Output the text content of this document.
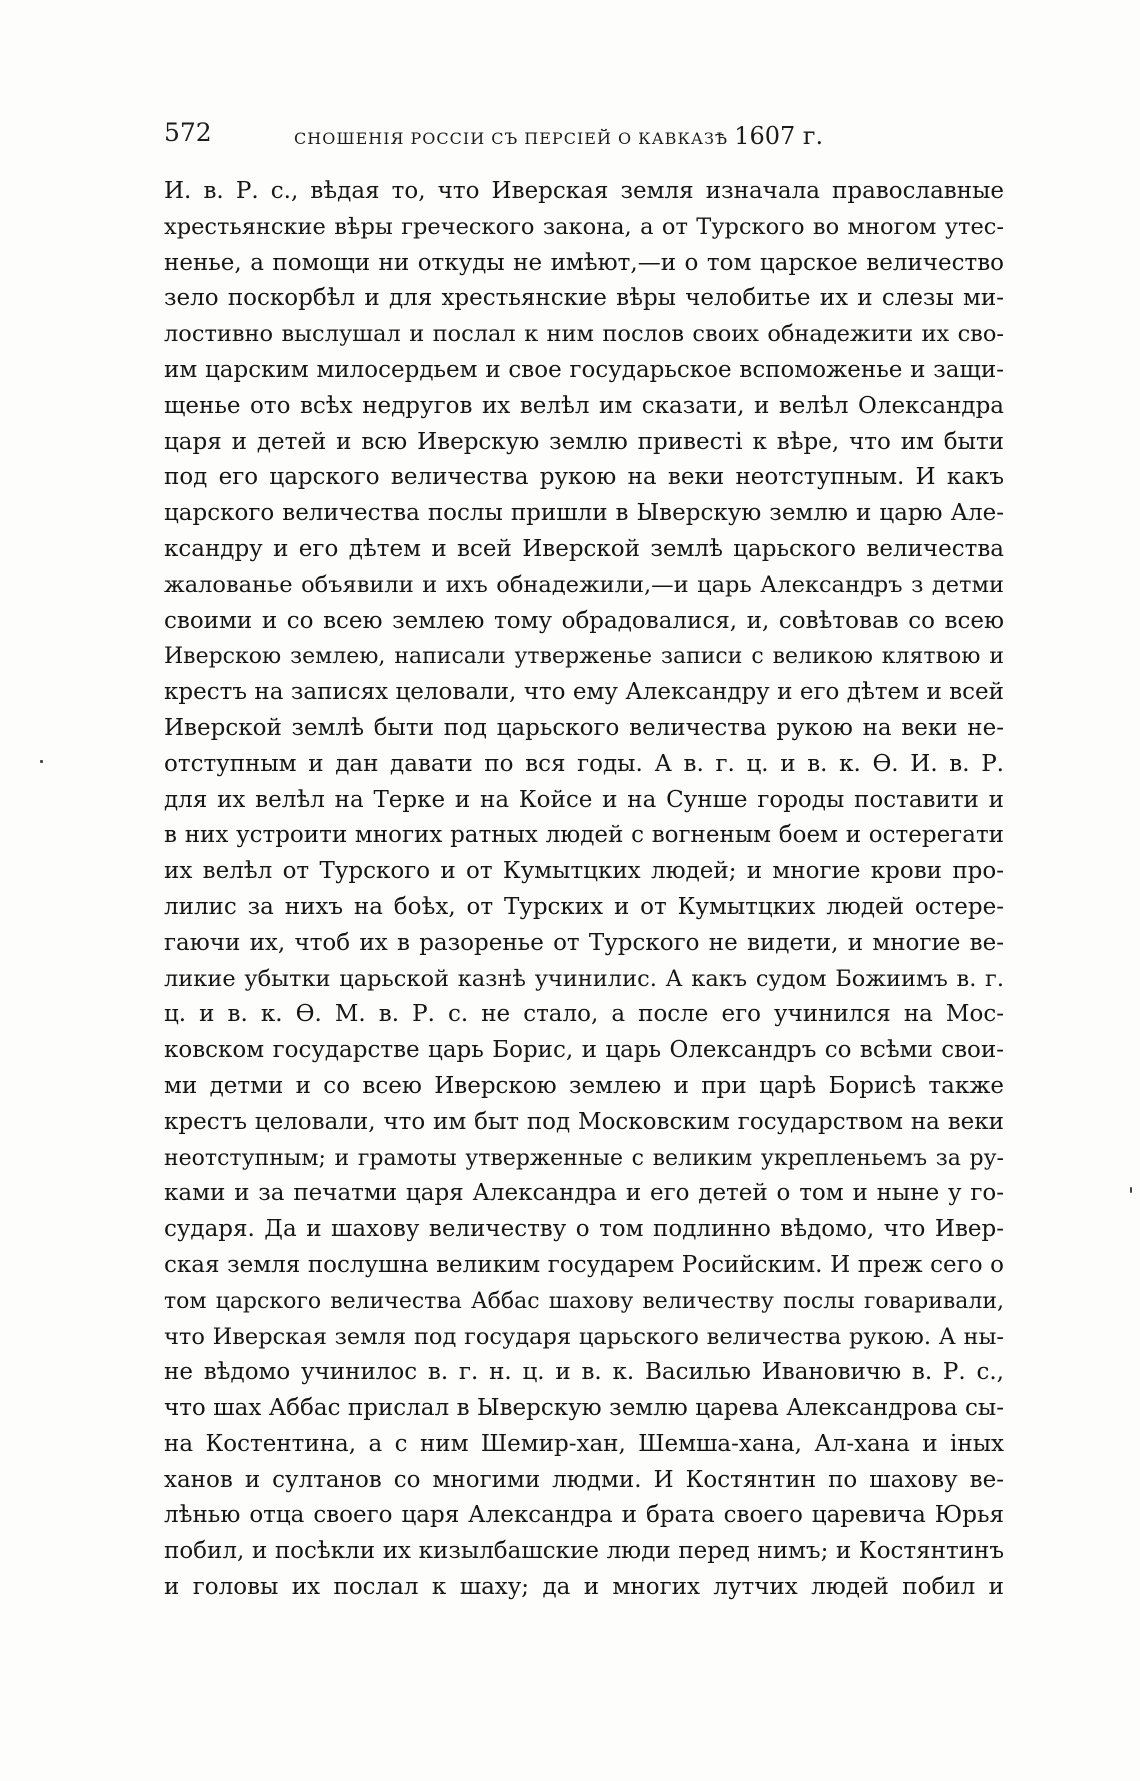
572	СНОШЕНІЯ РОССІИ СЪ ПЕРСІЕЙ О КАВКАЗѢ 1607 г.
И. в. Р. с., вѣдая то, что Иверская земля изначала православные
хрестьянские вѣры греческого закона, а от Турского во многом утес-
ненье, а помощи ни откуды не имѣют,—и о том царское величество
зело поскорбѣл и для хрестьянские вѣры челобитье их и слезы ми-
лостивно выслушал и послал к ним послов своих обнадежити их сво-
им царским милосердьем и свое государьское вспоможенье и защи-
щенье ото всѣх недругов их велѣл им сказати, и велѣл Олександра
царя и детей и всю Иверскую землю привесті к вѣре, что им быти
под его царского величества рукою на веки неотступным. И какъ
царского величества послы пришли в Ыверскую землю и царю Але-
ксандру и его дѣтем и всей Иверской землѣ царьского величества
жалованье объявили и ихъ обнадежили,—и царь Александръ з детми
своими и со всею землею тому обрадовалися, и, совѣтовав со всею
Иверскою землею, написали утверженье записи с великою клятвою и
крестъ на записях целовали, что ему Александру и его дѣтем и всей
Иверской землѣ быти под царьского величества рукою на веки не-
отступным и дан давати по вся годы. А в. г. ц. и в. к. Ѳ. И. в. Р.
для их велѣл на Терке и на Койсе и на Сунше городы поставити и
в них устроити многих ратных людей с вогненым боем и остерегати
их велѣл от Турского и от Кумытцких людей; и многие крови про-
лилис за нихъ на боѣх, от Турских и от Кумытцких людей остере-
гаючи их, чтоб их в разоренье от Турского не видети, и многие ве-
ликие убытки царьской казнѣ учинилис. А какъ судом Божиимъ в. г.
ц. и в. к. Ѳ. М. в. Р. с. не стало, а после его учинился на Мос-
ковском государстве царь Борис, и царь Олександръ со всѣми свои-
ми детми и со всею Иверскою землею и при царѣ Борисѣ также
крестъ целовали, что им быт под Московским государством на веки
неотступным; и грамоты утверженные с великим укрепленьемъ за ру-
ками и за печатми царя Александра и его детей о том и ныне у го-
сударя. Да и шахову величеству о том подлинно вѣдомо, что Ивер-
ская земля послушна великим государем Росийским. И преж сего о
том царского величества Аббас шахову величеству послы говаривали,
что Иверская земля под государя царьского величества рукою. А ны-
не вѣдомо учинилос в. г. н. ц. и в. к. Василью Ивановичю в. Р. с.,
что шах Аббас прислал в Ыверскую землю царева Александрова сы-
на Костентина, а с ним Шемир-хан, Шемша-хана, Ал-хана и іных
ханов и султанов со многими людми. И Костянтин по шахову ве-
лѣнью отца своего царя Александра и брата своего царевича Юрья
побил, и посѣкли их кизылбашские люди перед нимъ; и Костянтинъ
и головы их послал к шаху; да и многих лутчих людей побил и
